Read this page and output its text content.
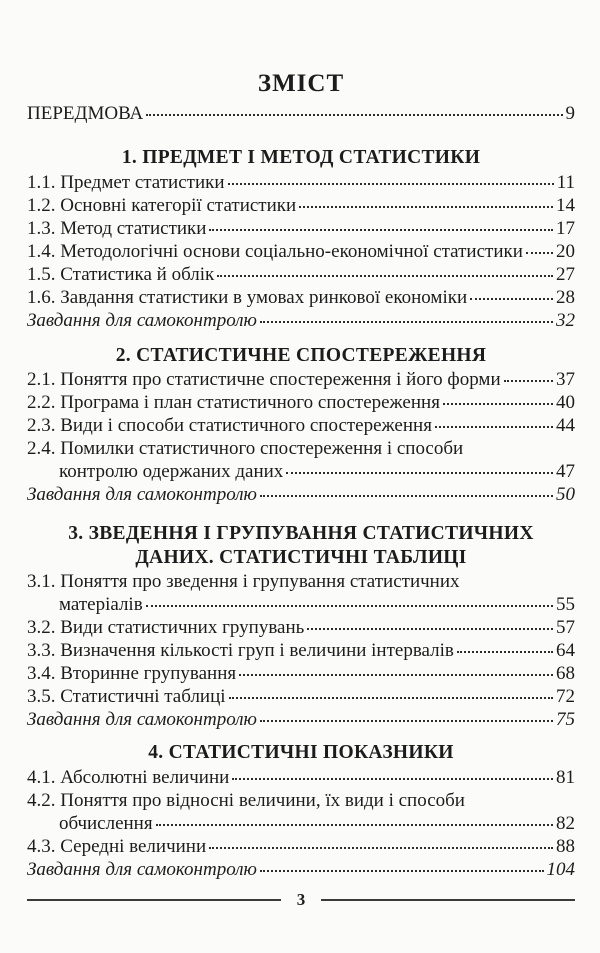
ЗМІСТ
ПЕРЕДМОВА	9
1. ПРЕДМЕТ І МЕТОД СТАТИСТИКИ
1.1. Предмет статистики	11
1.2. Основні категорії статистики	14
1.3. Метод статистики	17
1.4. Методологічні основи соціально-економічної статистики 20
1.5. Статистика й облік	27
1.6. Завдання статистики в умовах ринкової економіки	28
Завдання для самоконтролю	32
2. СТАТИСТИЧНЕ СПОСТЕРЕЖЕННЯ
2.1. Поняття про статистичне спостереження і його форми	37
2.2. Програма і план статистичного спостереження	40
2.3. Види і способи статистичного спостереження	44
2.4. Помилки статистичного спостереження і способи
контролю одержаних даних	47
Завдання для самоконтролю	50
3. ЗВЕДЕННЯ І ГРУПУВАННЯ СТАТИСТИЧНИХ
ДАНИХ. СТАТИСТИЧНІ ТАБЛИЦІ
3.1. Поняття про зведення і групування статистичних
матеріалів	55
3.2. Види статистичних групувань	57
3.3. Визначення кількості груп і величини інтервалів	64
3.4. Вторинне групування	68
3.5. Статистичні таблиці	72
Завдання для самоконтролю	75
4. СТАТИСТИЧНІ ПОКАЗНИКИ
4.1. Абсолютні величини	81
4.2. Поняття про відносні величини, їх види і способи
обчислення	82
4.3. Середні величини	88
Завдання для самоконтролю	104
3
